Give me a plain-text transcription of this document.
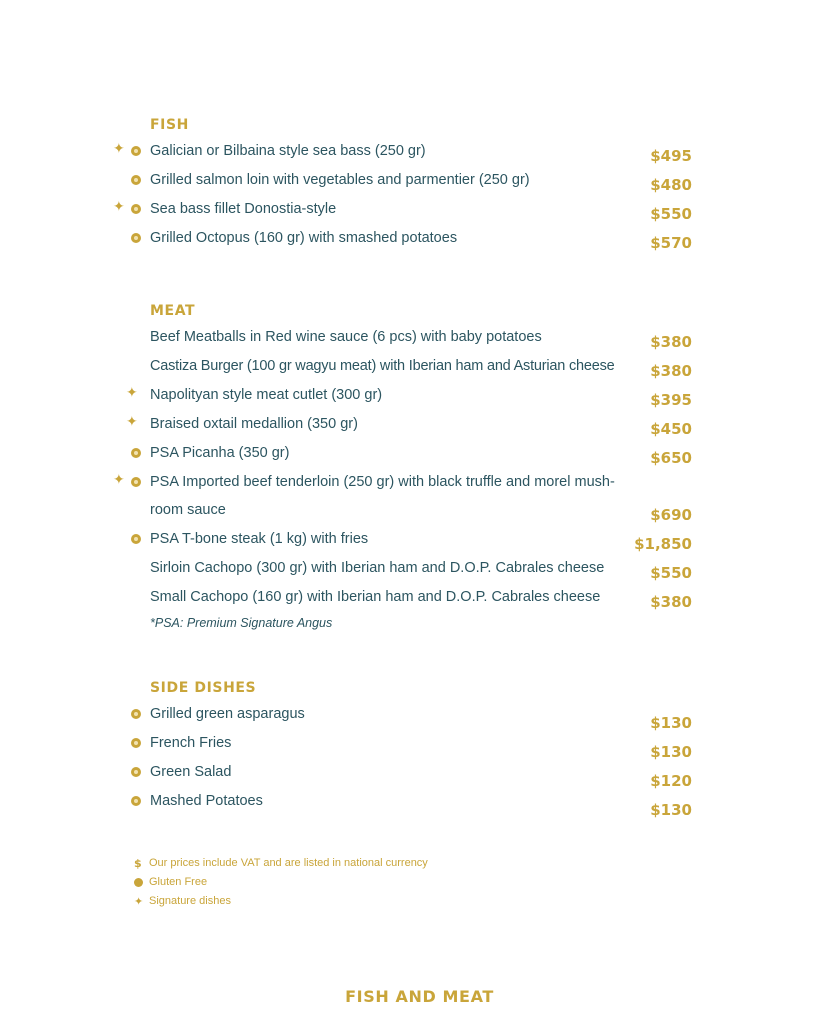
FISH
✦ Galician or Bilbaina style sea bass (250 gr)	$495
Grilled salmon loin with vegetables and parmentier (250 gr)	$480
✦ Sea bass fillet Donostia-style	$550
Grilled Octopus (160 gr) with smashed potatoes	$570
MEAT
Beef Meatballs in Red wine sauce (6 pcs) with baby potatoes	$380
Castiza Burger (100 gr wagyu meat) with Iberian ham and Asturian cheese $380
✦ Napolityan style meat cutlet (300 gr)	$395
✦ Braised oxtail medallion (350 gr)	$450
PSA Picanha (350 gr)	$650
✦ PSA Imported beef tenderloin (250 gr) with black truffle and morel mush-
room sauce	$690
PSA T-bone steak (1 kg) with fries	$1,850
Sirloin Cachopo (300 gr) with Iberian ham and D.O.P. Cabrales cheese	$550
Small Cachopo (160 gr) with Iberian ham and D.O.P. Cabrales cheese	$380
*PSA: Premium Signature Angus
SIDE DISHES
Grilled green asparagus	$130
French Fries	$130
Green Salad	$120
Mashed Potatoes	$130
$ Our prices include VAT and are listed in national currency
Gluten Free
✦ Signature dishes
FISH AND MEAT
